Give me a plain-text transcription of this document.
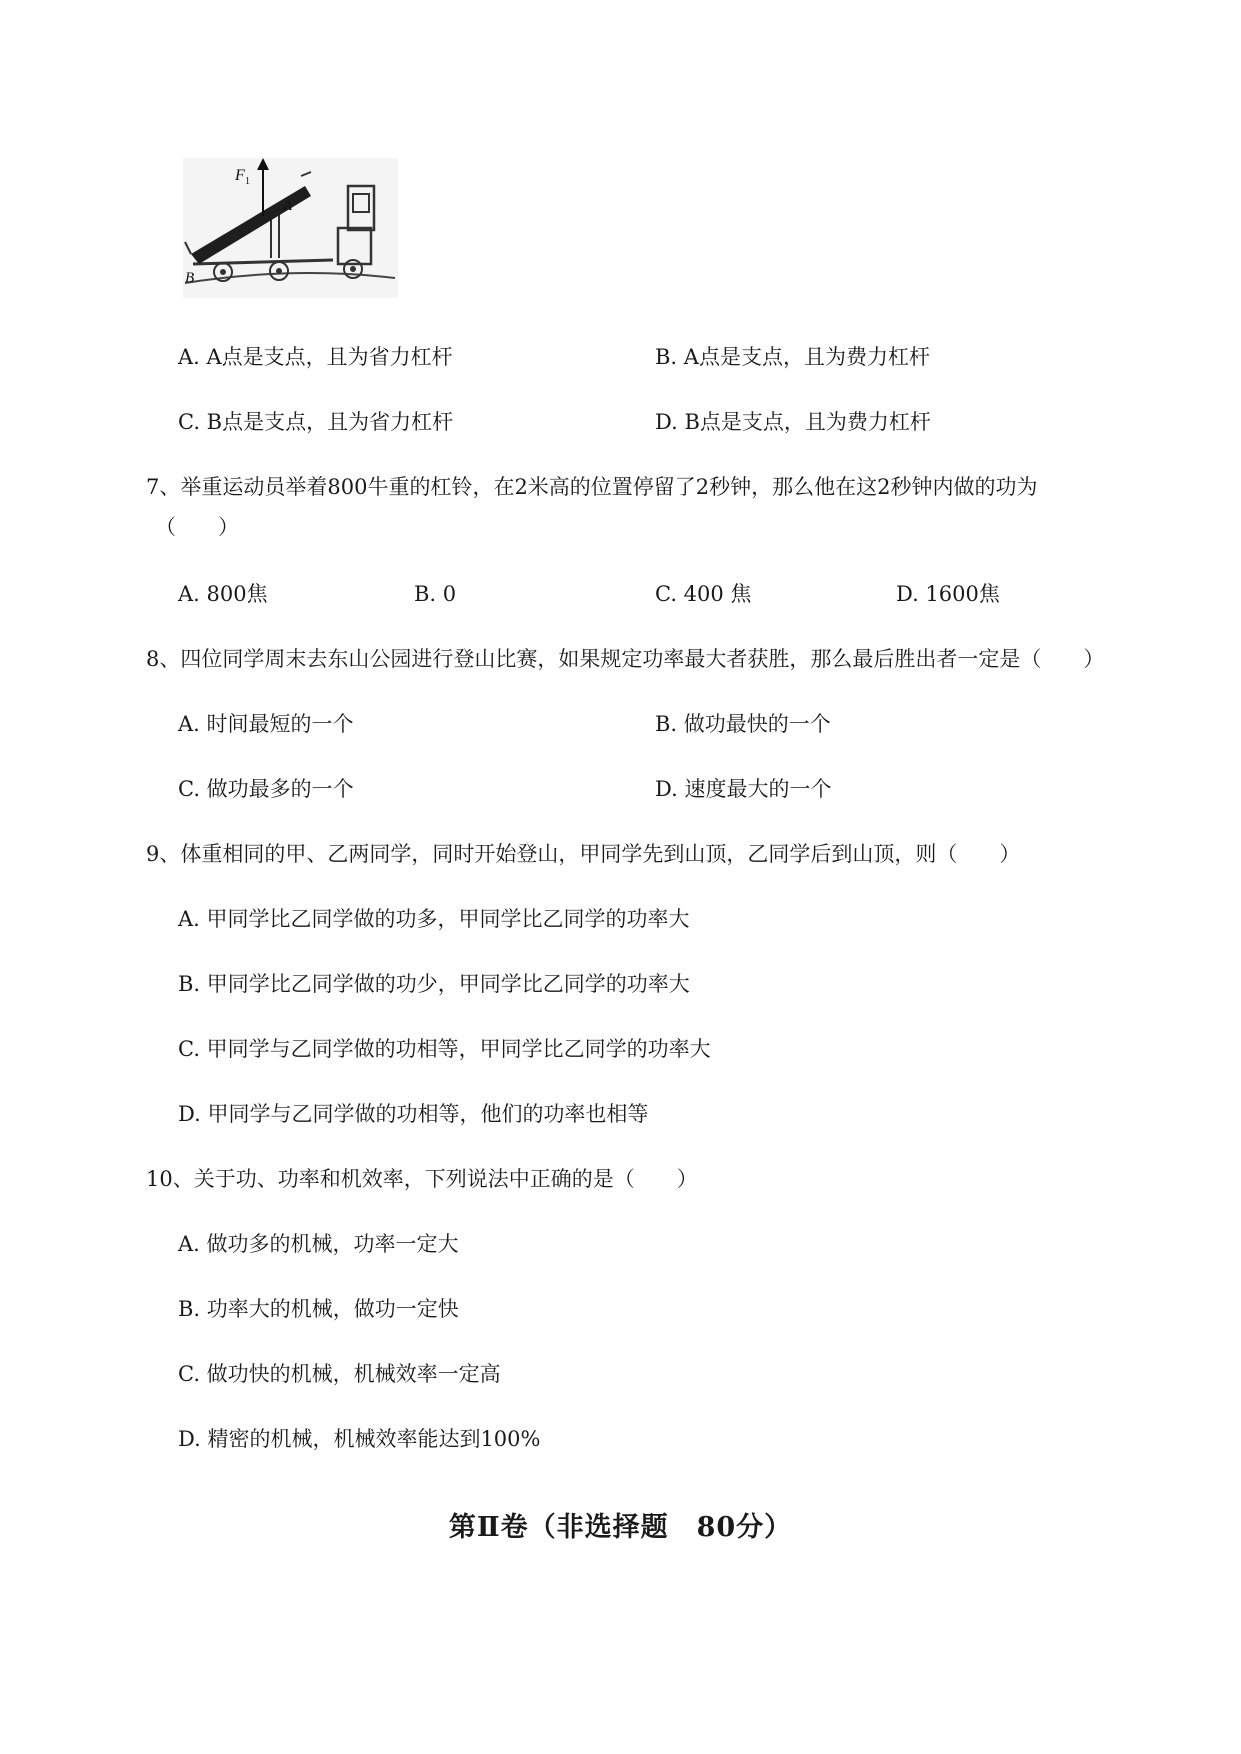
F 1
A
B
A. A点是支点，且为省力杠杆	B. A点是支点，且为费力杠杆
C. B点是支点，且为省力杠杆	D. B点是支点，且为费力杠杆
7、举重运动员举着800牛重的杠铃，在2米高的位置停留了2秒钟，那么他在这2秒钟内做的功为
（　　）
A. 800焦	B. 0	C. 400 焦	D. 1600焦
8、四位同学周末去东山公园进行登山比赛，如果规定功率最大者获胜，那么最后胜出者一定是（　　）
A. 时间最短的一个	B. 做功最快的一个
C. 做功最多的一个	D. 速度最大的一个
9、体重相同的甲、乙两同学，同时开始登山，甲同学先到山顶，乙同学后到山顶，则（　　）
A. 甲同学比乙同学做的功多，甲同学比乙同学的功率大
B. 甲同学比乙同学做的功少，甲同学比乙同学的功率大
C. 甲同学与乙同学做的功相等，甲同学比乙同学的功率大
D. 甲同学与乙同学做的功相等，他们的功率也相等
10、关于功、功率和机效率，下列说法中正确的是（　　）
A. 做功多的机械，功率一定大
B. 功率大的机械，做功一定快
C. 做功快的机械，机械效率一定高
D. 精密的机械，机械效率能达到100%
第Ⅱ卷（非选择题　80分）
